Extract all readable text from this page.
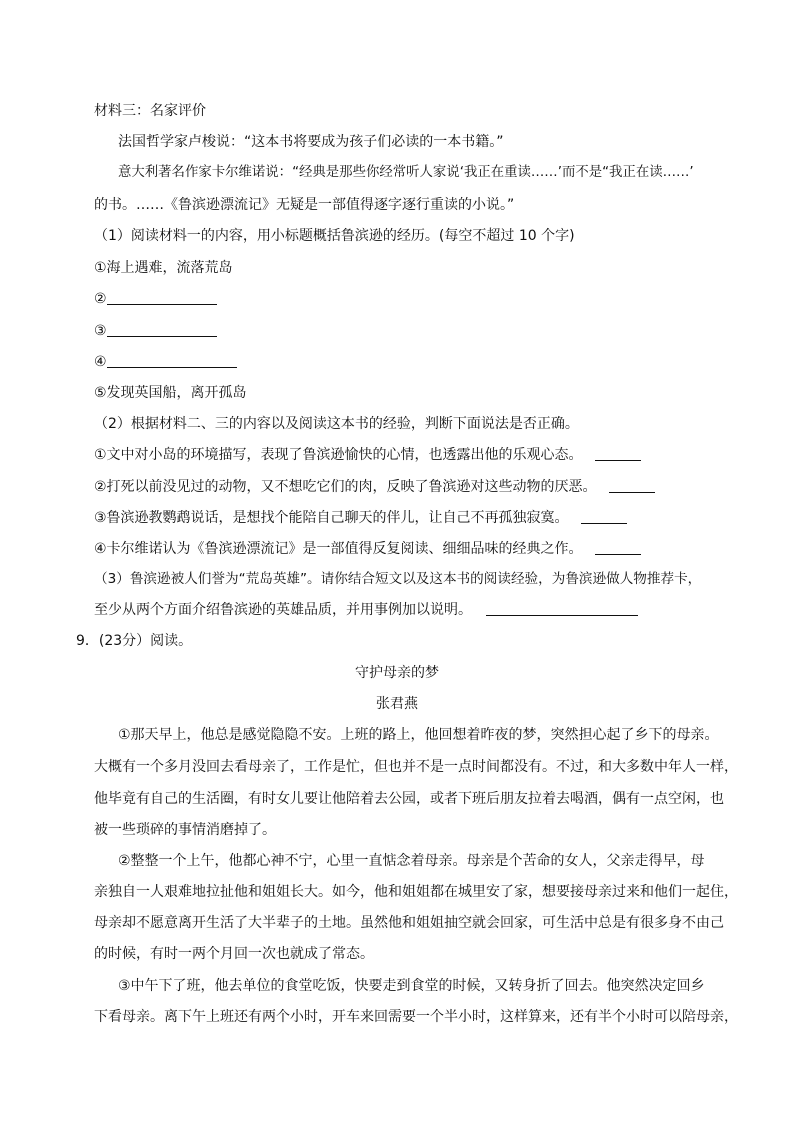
材料三：名家评价
法国哲学家卢梭说：“这本书将要成为孩子们必读的一本书籍。”
意大利著名作家卡尔维诺说：“经典是那些你经常听人家说‘我正在重读……’而不是“我正在读……’
的书。……《鲁滨逊漂流记》无疑是一部值得逐字逐行重读的小说。”
（1）阅读材料一的内容，用小标题概括鲁滨逊的经历。(每空不超过 10 个字)
①海上遇难，流落荒岛
②
③
④
⑤发现英国船，离开孤岛
（2）根据材料二、三的内容以及阅读这本书的经验，判断下面说法是否正确。
①文中对小岛的环境描写，表现了鲁滨逊愉快的心情，也透露出他的乐观心态。
②打死以前没见过的动物，又不想吃它们的肉，反映了鲁滨逊对这些动物的厌恶。
③鲁滨逊教鹦鹉说话，是想找个能陪自己聊天的伴儿，让自己不再孤独寂寞。
④卡尔维诺认为《鲁滨逊漂流记》是一部值得反复阅读、细细品味的经典之作。
（3）鲁滨逊被人们誉为“荒岛英雄”。请你结合短文以及这本书的阅读经验，为鲁滨逊做人物推荐卡，
至少从两个方面介绍鲁滨逊的英雄品质，并用事例加以说明。
9．(23分）阅读。
守护母亲的梦
张君燕
①那天早上，他总是感觉隐隐不安。上班的路上，他回想着昨夜的梦，突然担心起了乡下的母亲。
大概有一个多月没回去看母亲了，工作是忙，但也并不是一点时间都没有。不过，和大多数中年人一样，
他毕竟有自己的生活圈，有时女儿要让他陪着去公园，或者下班后朋友拉着去喝酒，偶有一点空闲，也
被一些琐碎的事情消磨掉了。
②整整一个上午，他都心神不宁，心里一直惦念着母亲。母亲是个苦命的女人，父亲走得早，母
亲独自一人艰难地拉扯他和姐姐长大。如今，他和姐姐都在城里安了家，想要接母亲过来和他们一起住，
母亲却不愿意离开生活了大半辈子的土地。虽然他和姐姐抽空就会回家，可生活中总是有很多身不由己
的时候，有时一两个月回一次也就成了常态。
③中午下了班，他去单位的食堂吃饭，快要走到食堂的时候，又转身折了回去。他突然决定回乡
下看母亲。离下午上班还有两个小时，开车来回需要一个半小时，这样算来，还有半个小时可以陪母亲，
